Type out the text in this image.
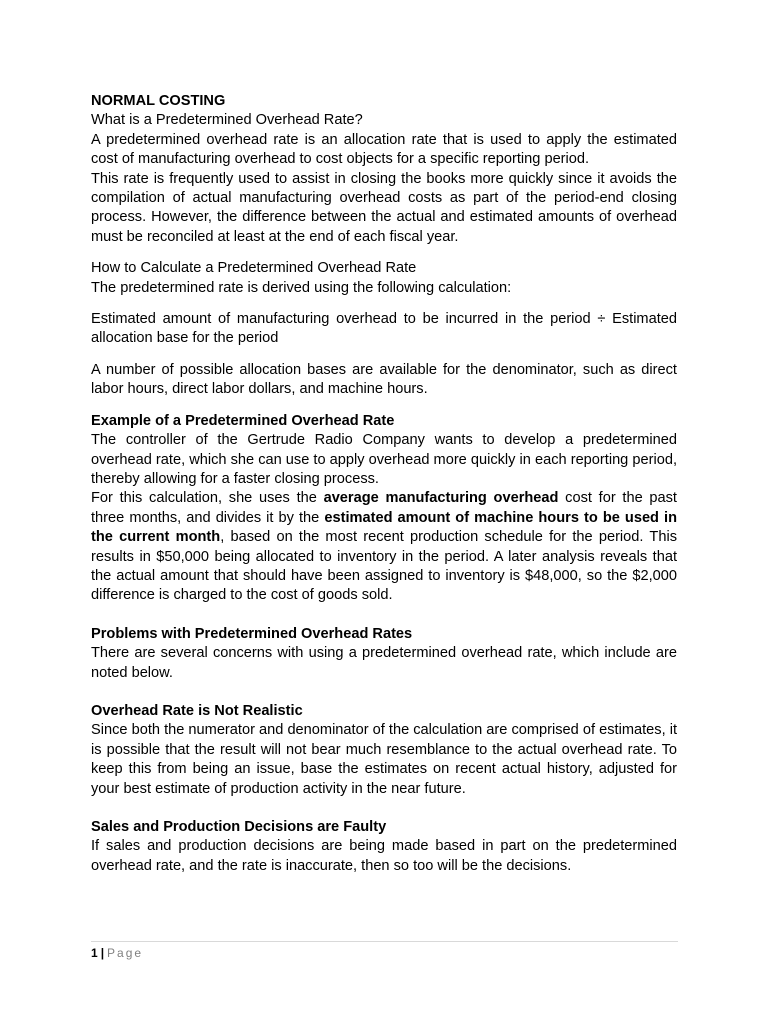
NORMAL COSTING

What is a Predetermined Overhead Rate?

A predetermined overhead rate is an allocation rate that is used to apply the estimated cost of manufacturing overhead to cost objects for a specific reporting period.

This rate is frequently used to assist in closing the books more quickly since it avoids the compilation of actual manufacturing overhead costs as part of the period-end closing process. However, the difference between the actual and estimated amounts of overhead must be reconciled at least at the end of each fiscal year.

How to Calculate a Predetermined Overhead Rate

The predetermined rate is derived using the following calculation:

Estimated amount of manufacturing overhead to be incurred in the period ÷ Estimated allocation base for the period

A number of possible allocation bases are available for the denominator, such as direct labor hours, direct labor dollars, and machine hours.

Example of a Predetermined Overhead Rate

The controller of the Gertrude Radio Company wants to develop a predetermined overhead rate, which she can use to apply overhead more quickly in each reporting period, thereby allowing for a faster closing process.

For this calculation, she uses the average manufacturing overhead cost for the past three months, and divides it by the estimated amount of machine hours to be used in the current month, based on the most recent production schedule for the period. This results in $50,000 being allocated to inventory in the period. A later analysis reveals that the actual amount that should have been assigned to inventory is $48,000, so the $2,000 difference is charged to the cost of goods sold.

Problems with Predetermined Overhead Rates

There are several concerns with using a predetermined overhead rate, which include are noted below.

Overhead Rate is Not Realistic

Since both the numerator and denominator of the calculation are comprised of estimates, it is possible that the result will not bear much resemblance to the actual overhead rate. To keep this from being an issue, base the estimates on recent actual history, adjusted for your best estimate of production activity in the near future.

Sales and Production Decisions are Faulty

If sales and production decisions are being made based in part on the predetermined overhead rate, and the rate is inaccurate, then so too will be the decisions.

1 | Page
